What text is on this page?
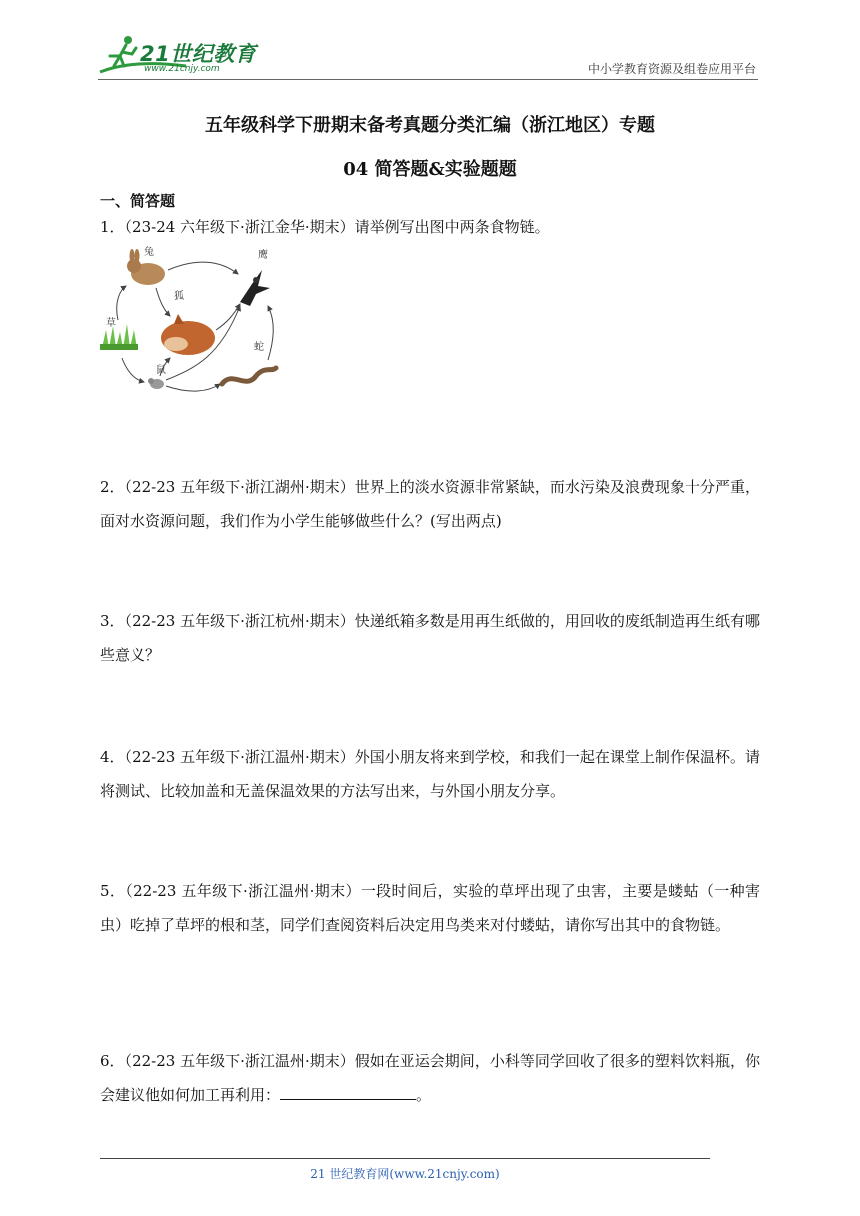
21世纪教育
www.21cnjy.com	中小学教育资源及组卷应用平台
五年级科学下册期末备考真题分类汇编（浙江地区）专题
04 简答题&实验题题
一、简答题
1．（23-24 六年级下·浙江金华·期末）请举例写出图中两条食物链。
草
兔	鹰
狐
鼠
蛇
2．（22-23 五年级下·浙江湖州·期末）世界上的淡水资源非常紧缺，而水污染及浪费现象十分严重，面对水资源问题，我们作为小学生能够做些什么？(写出两点)
3．（22-23 五年级下·浙江杭州·期末）快递纸箱多数是用再生纸做的，用回收的废纸制造再生纸有哪些意义？
4．（22-23 五年级下·浙江温州·期末）外国小朋友将来到学校，和我们一起在课堂上制作保温杯。请将测试、比较加盖和无盖保温效果的方法写出来，与外国小朋友分享。
5．（22-23 五年级下·浙江温州·期末）一段时间后，实验的草坪出现了虫害，主要是蝼蛄（一种害虫）吃掉了草坪的根和茎，同学们查阅资料后决定用鸟类来对付蝼蛄，请你写出其中的食物链。
6．（22-23 五年级下·浙江温州·期末）假如在亚运会期间，小科等同学回收了很多的塑料饮料瓶，你会建议他如何加工再利用：	。
21 世纪教育网(www.21cnjy.com)
